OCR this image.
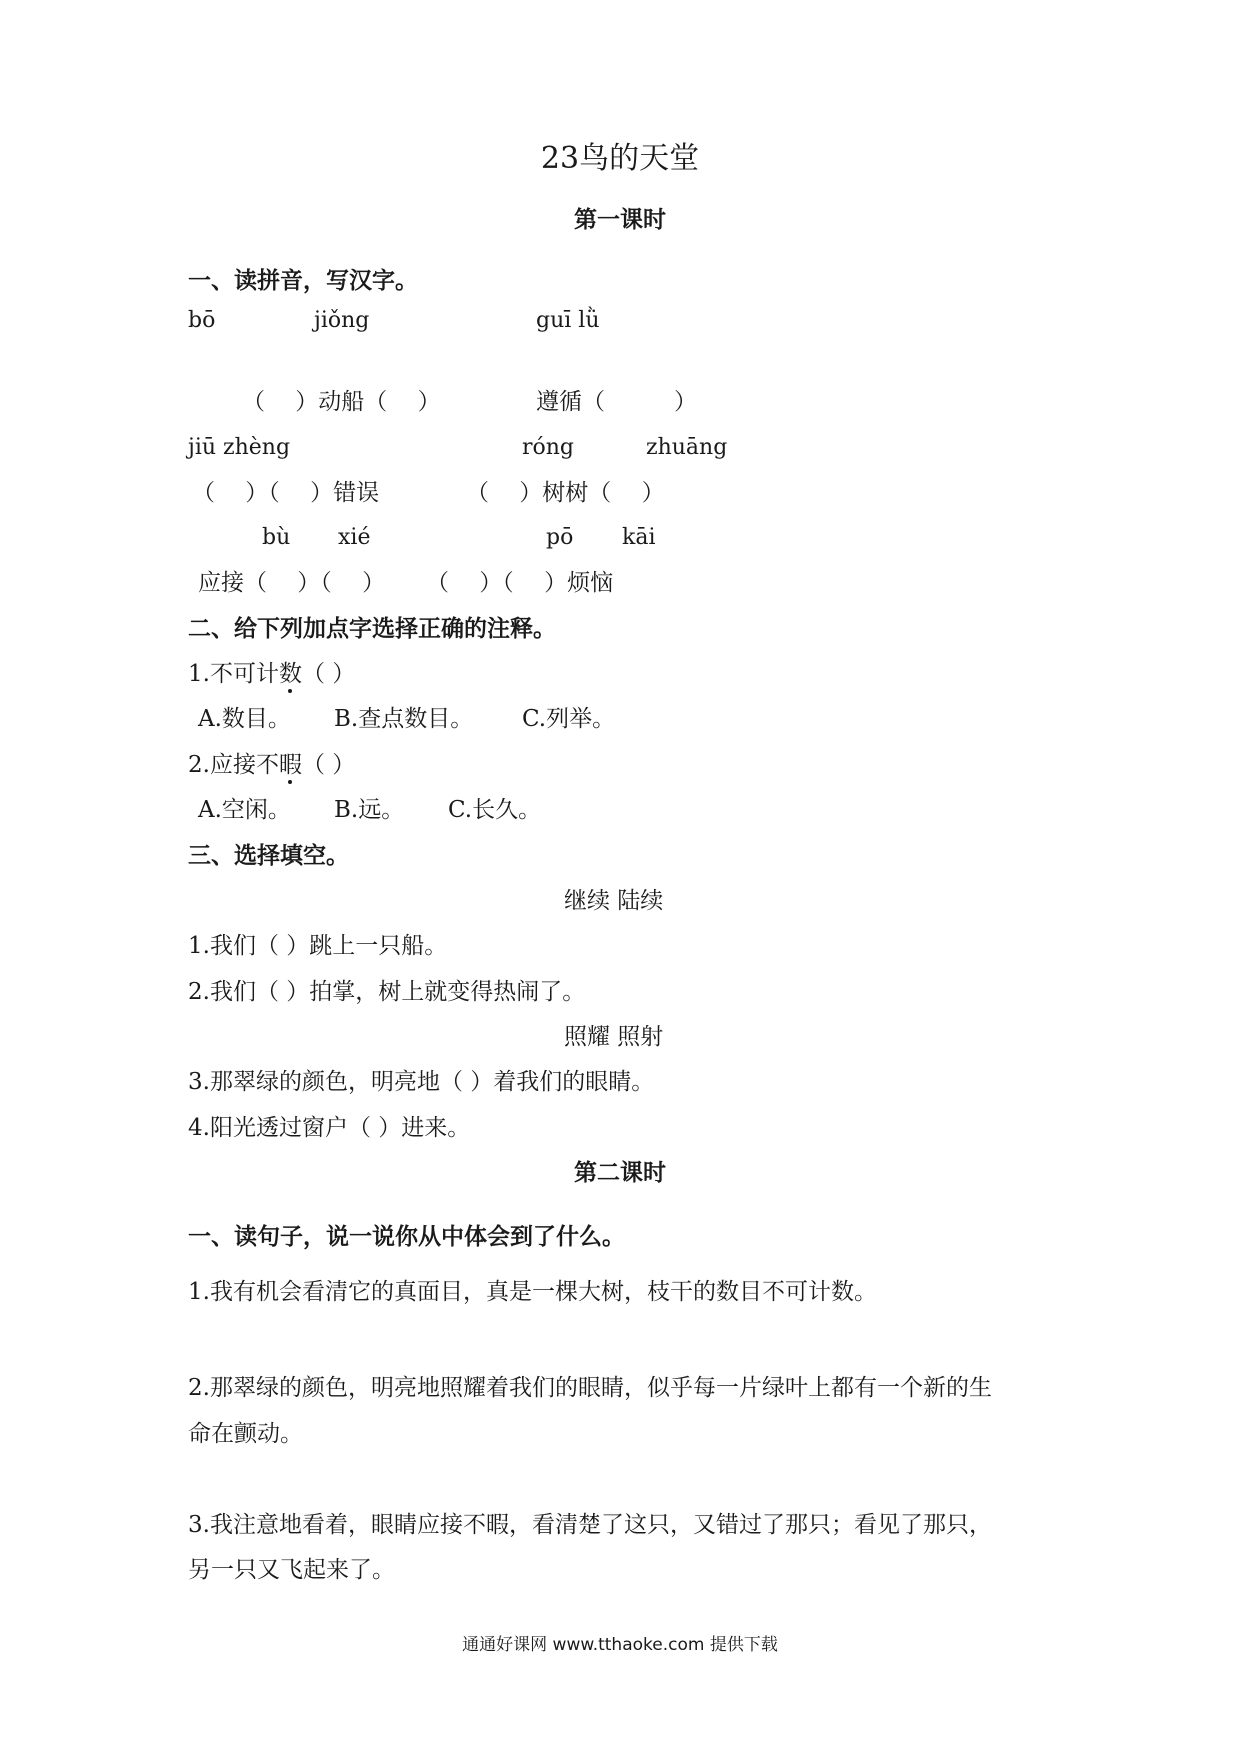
23鸟的天堂
第一课时
一、读拼音，写汉字。
bō	jiǒng	guī lǜ
（　 ）动船（　 ）	遵循（　　　）
jiū zhèng	róng	zhuāng
（　 ）（　 ）错误	（　 ）树树（　 ）
bù xié	pō kāi
应接（　 ）（　 ） （　 ）（　 ）烦恼
二、给下列加点字选择正确的注释。
1.不可计数（ ）
A.数目。 B.查点数目。 C.列举。
2.应接不暇（ ）
A.空闲。 B.远。 C.长久。
三、选择填空。
继续 陆续
1.我们（ ）跳上一只船。
2.我们（ ）拍掌，树上就变得热闹了。
照耀 照射
3.那翠绿的颜色，明亮地（ ）着我们的眼睛。
4.阳光透过窗户（ ）进来。
第二课时
一、读句子，说一说你从中体会到了什么。
1.我有机会看清它的真面目，真是一棵大树，枝干的数目不可计数。
2.那翠绿的颜色，明亮地照耀着我们的眼睛，似乎每一片绿叶上都有一个新的生
命在颤动。
3.我注意地看着，眼睛应接不暇，看清楚了这只，又错过了那只；看见了那只，
另一只又飞起来了。
通通好课网 www.tthaoke.com 提供下载
